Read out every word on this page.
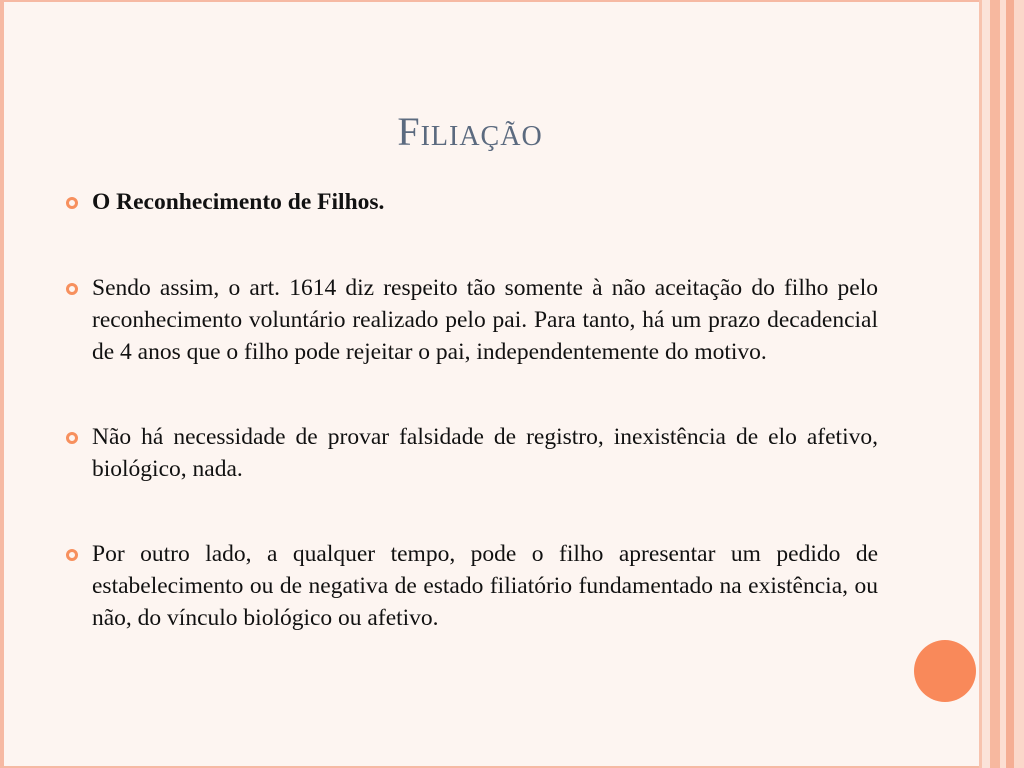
Filiação
O Reconhecimento de Filhos.
Sendo assim, o art. 1614 diz respeito tão somente à não aceitação do filho pelo reconhecimento voluntário realizado pelo pai. Para tanto, há um prazo decadencial de 4 anos que o filho pode rejeitar o pai, independentemente do motivo.
Não há necessidade de provar falsidade de registro, inexistência de elo afetivo, biológico, nada.
Por outro lado, a qualquer tempo, pode o filho apresentar um pedido de estabelecimento ou de negativa de estado filiatório fundamentado na existência, ou não, do vínculo biológico ou afetivo.
